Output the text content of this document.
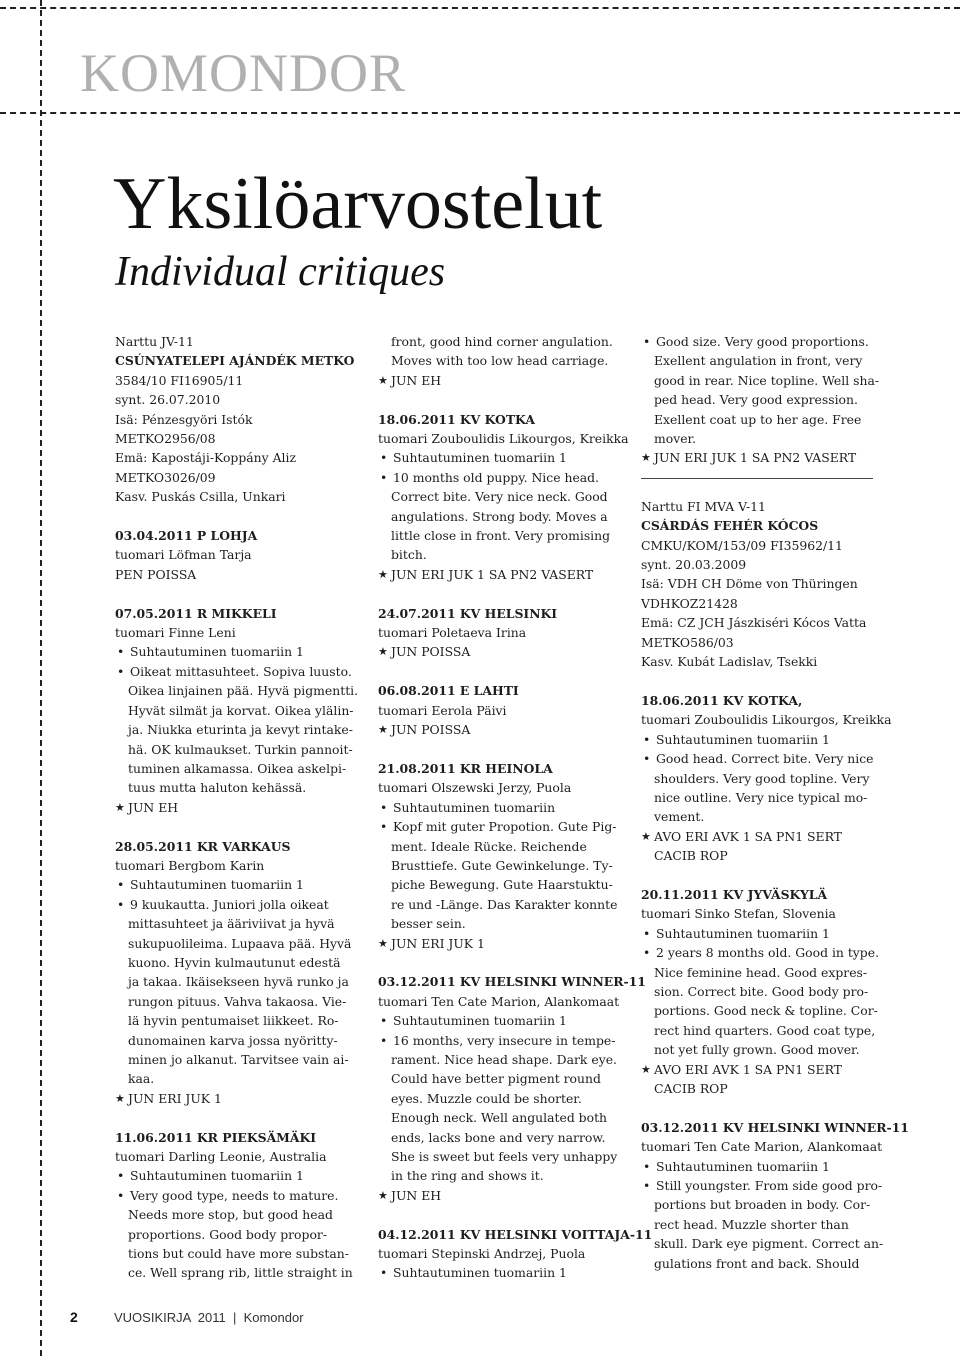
KOMONDOR
Yksilöarvostelut
Individual critiques
Narttu JV-11
CSÚNYATELEPI AJÁNDÉK METKO
3584/10 FI16905/11
synt. 26.07.2010
Isä: Pénzesgyöri Istók
METKO2956/08
Emä: Kapostáji-Koppány Aliz
METKO3026/09
Kasv. Puskás Csilla, Unkari
03.04.2011 P LOHJA
tuomari Löfman Tarja
PEN POISSA
07.05.2011 R MIKKELI
tuomari Finne Leni
• Suhtautuminen tuomariin 1
• Oikeat mittasuhteet. Sopiva luusto.
Oikea linjainen pää. Hyvä pigmentti.
Hyvät silmät ja korvat. Oikea ylälin-
ja. Niukka eturinta ja kevyt rintake-
hä. OK kulmaukset. Turkin pannoit-
tuminen alkamassa. Oikea askelpi-
tuus mutta haluton kehässä.
★ JUN EH
28.05.2011 KR VARKAUS
tuomari Bergbom Karin
• Suhtautuminen tuomariin 1
• 9 kuukautta. Juniori jolla oikeat
mittasuhteet ja ääriviivat ja hyvä
sukupuolileima. Lupaava pää. Hyvä
kuono. Hyvin kulmautunut edestä
ja takaa. Ikäisekseen hyvä runko ja
rungon pituus. Vahva takaosa. Vie-
lä hyvin pentumaiset liikkeet. Ro-
dunomainen karva jossa nyöritty-
minen jo alkanut. Tarvitsee vain ai-
kaa.
★ JUN ERI JUK 1
11.06.2011 KR PIEKSÄMÄKI
tuomari Darling Leonie, Australia
• Suhtautuminen tuomariin 1
• Very good type, needs to mature.
Needs more stop, but good head
proportions. Good body propor-
tions but could have more substan-
ce. Well sprang rib, little straight in
front, good hind corner angulation.
Moves with too low head carriage.
★ JUN EH
18.06.2011 KV KOTKA
tuomari Zouboulidis Likourgos, Kreikka
• Suhtautuminen tuomariin 1
• 10 months old puppy. Nice head.
Correct bite. Very nice neck. Good
angulations. Strong body. Moves a
little close in front. Very promising
bitch.
★ JUN ERI JUK 1 SA PN2 VASERT
24.07.2011 KV HELSINKI
tuomari Poletaeva Irina
★ JUN POISSA
06.08.2011 E LAHTI
tuomari Eerola Päivi
★ JUN POISSA
21.08.2011 KR HEINOLA
tuomari Olszewski Jerzy, Puola
• Suhtautuminen tuomariin
• Kopf mit guter Propotion. Gute Pig-
ment. Ideale Rücke. Reichende
Brusttiefe. Gute Gewinkelunge. Ty-
piche Bewegung. Gute Haarstuktu-
re und -Länge. Das Karakter konnte
besser sein.
★ JUN ERI JUK 1
03.12.2011 KV HELSINKI WINNER-11
tuomari Ten Cate Marion, Alankomaat
• Suhtautuminen tuomariin 1
• 16 months, very insecure in tempe-
rament. Nice head shape. Dark eye.
Could have better pigment round
eyes. Muzzle could be shorter.
Enough neck. Well angulated both
ends, lacks bone and very narrow.
She is sweet but feels very unhappy
in the ring and shows it.
★ JUN EH
04.12.2011 KV HELSINKI VOITTAJA-11
tuomari Stepinski Andrzej, Puola
• Suhtautuminen tuomariin 1
• Good size. Very good proportions.
Exellent angulation in front, very
good in rear. Nice topline. Well sha-
ped head. Very good expression.
Exellent coat up to her age. Free
mover.
★ JUN ERI JUK 1 SA PN2 VASERT
Narttu FI MVA V-11
CSÁRDÁS FEHÉR KÓCOS
CMKU/KOM/153/09 FI35962/11
synt. 20.03.2009
Isä: VDH CH Döme von Thüringen
VDHKOZ21428
Emä: CZ JCH Jászkiséri Kócos Vatta
METKO586/03
Kasv. Kubát Ladislav, Tsekki
18.06.2011 KV KOTKA,
tuomari Zouboulidis Likourgos, Kreikka
• Suhtautuminen tuomariin 1
• Good head. Correct bite. Very nice
shoulders. Very good topline. Very
nice outline. Very nice typical mo-
vement.
★ AVO ERI AVK 1 SA PN1 SERT
CACIB ROP
20.11.2011 KV JYVÄSKYLÄ
tuomari Sinko Stefan, Slovenia
• Suhtautuminen tuomariin 1
• 2 years 8 months old. Good in type.
Nice feminine head. Good expres-
sion. Correct bite. Good body pro-
portions. Good neck & topline. Cor-
rect hind quarters. Good coat type,
not yet fully grown. Good mover.
★ AVO ERI AVK 1 SA PN1 SERT
CACIB ROP
03.12.2011 KV HELSINKI WINNER-11
tuomari Ten Cate Marion, Alankomaat
• Suhtautuminen tuomariin 1
• Still youngster. From side good pro-
portions but broaden in body. Cor-
rect head. Muzzle shorter than
skull. Dark eye pigment. Correct an-
gulations front and back. Should
2	VUOSIKIRJA  2011  |  Komondor
